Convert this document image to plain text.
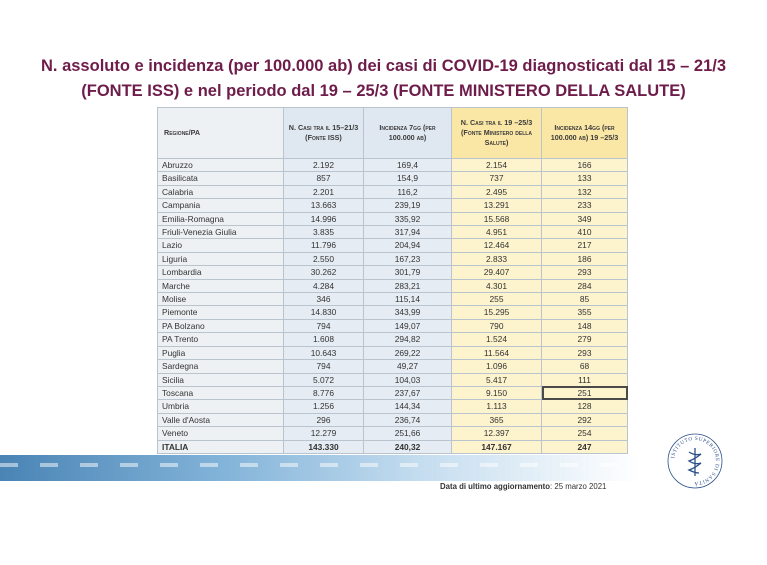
N. assoluto e incidenza (per 100.000 ab) dei casi di COVID-19 diagnosticati dal 15 – 21/3
(FONTE ISS) e nel periodo dal 19 – 25/3 (FONTE MINISTERO DELLA SALUTE)
Regione/PA	N. Casi tra il 15–21/3 (Fonte ISS)	Incidenza 7gg (per 100.000 ab)	N. Casi tra il 19 –25/3 (Fonte Ministero della Salute)	Incidenza 14gg (per 100.000 ab) 19 –25/3
Abruzzo	2.192	169,4	2.154	166
Basilicata	857	154,9	737	133
Calabria	2.201	116,2	2.495	132
Campania	13.663	239,19	13.291	233
Emilia-Romagna	14.996	335,92	15.568	349
Friuli-Venezia Giulia	3.835	317,94	4.951	410
Lazio	11.796	204,94	12.464	217
Liguria	2.550	167,23	2.833	186
Lombardia	30.262	301,79	29.407	293
Marche	4.284	283,21	4.301	284
Molise	346	115,14	255	85
Piemonte	14.830	343,99	15.295	355
PA Bolzano	794	149,07	790	148
PA Trento	1.608	294,82	1.524	279
Puglia	10.643	269,22	11.564	293
Sardegna	794	49,27	1.096	68
Sicilia	5.072	104,03	5.417	111
Toscana	8.776	237,67	9.150	251
Umbria	1.256	144,34	1.113	128
Valle d'Aosta	296	236,74	365	292
Veneto	12.279	251,66	12.397	254
ITALIA	143.330	240,32	147.167	247
Data di ultimo aggiornamento: 25 marzo 2021
ISTITUTO SUPERIORE DI SANITÀ
